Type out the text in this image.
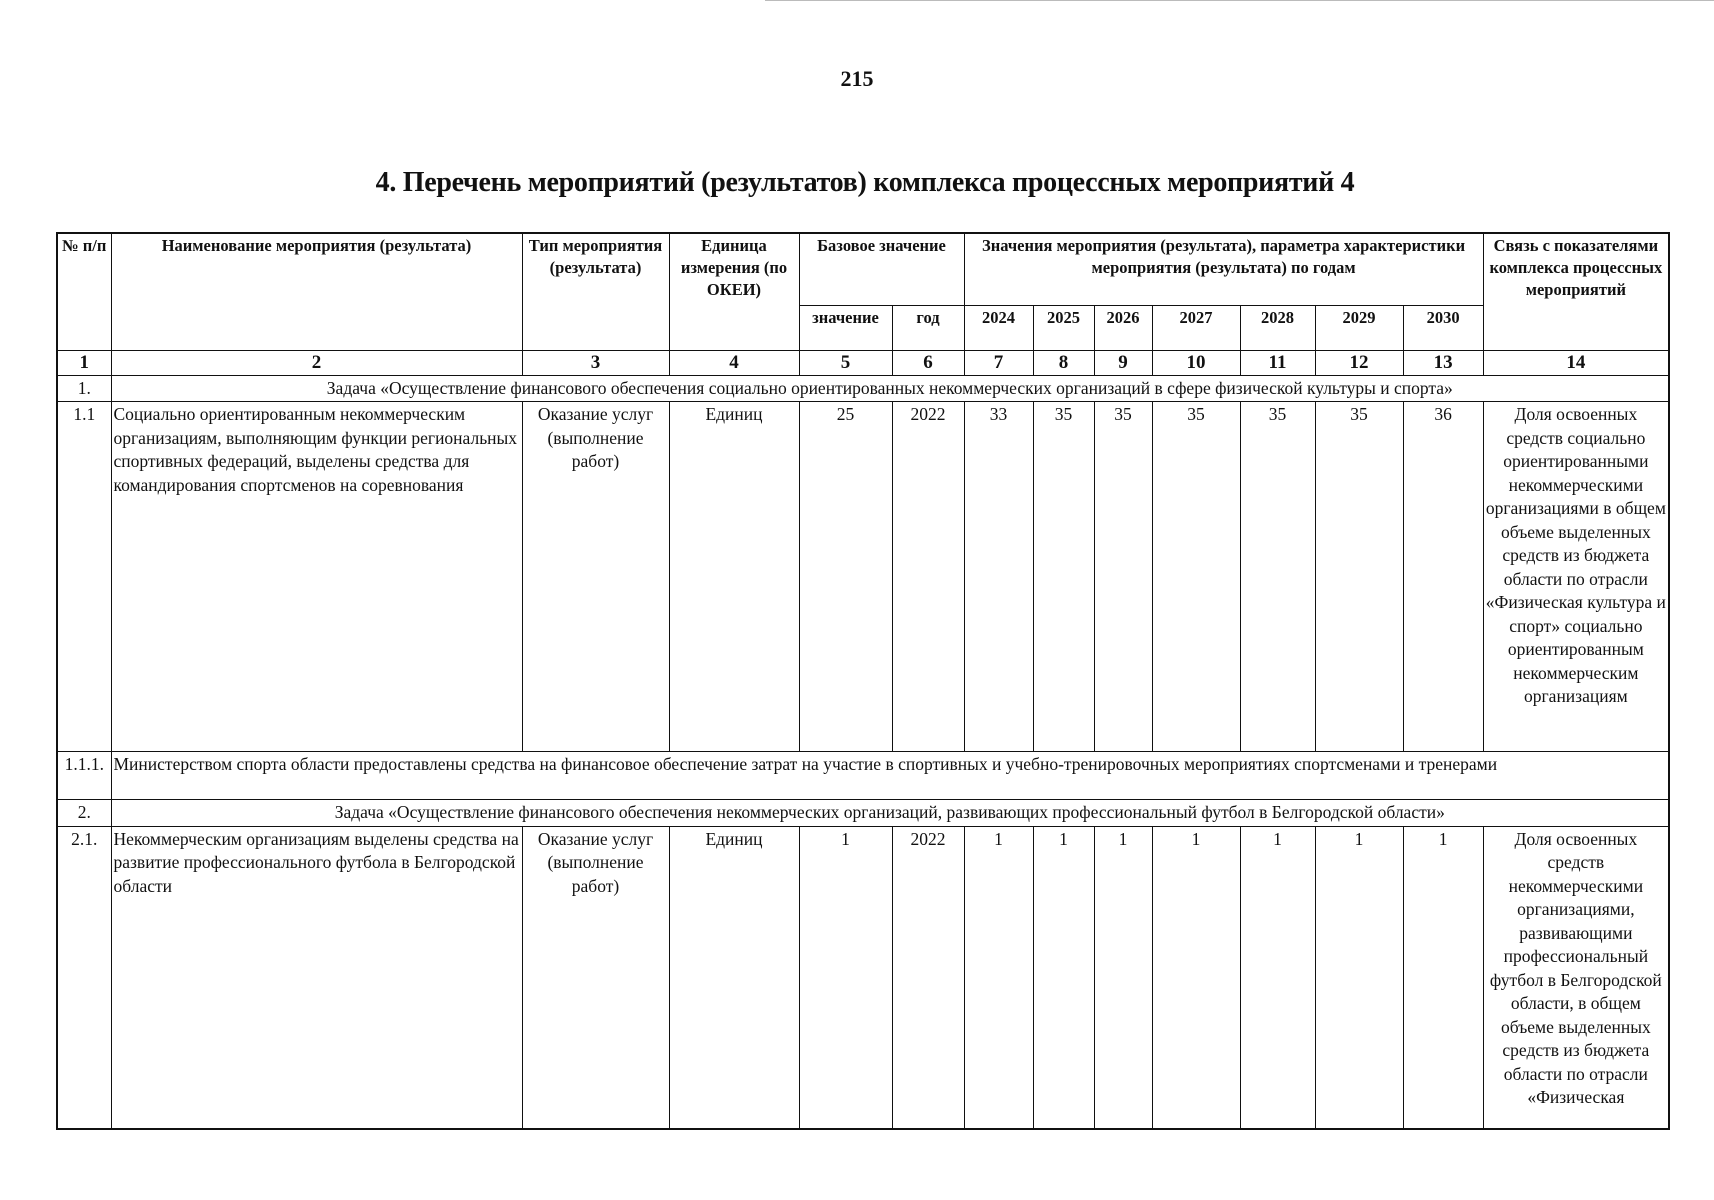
215
4. Перечень мероприятий (результатов) комплекса процессных мероприятий 4
№ п/п	Наименование мероприятия (результата)	Тип мероприятия (результата)	Единица измерения (по ОКЕИ)	Базовое значение		Значения мероприятия (результата), параметра характеристики мероприятия (результата) по годам							Связь с показателями комплекса процессных мероприятий
				значение	год	2024	2025	2026	2027	2028	2029	2030	
1	2	3	4	5	6	7	8	9	10	11	12	13	14
1.	Задача «Осуществление финансового обеспечения социально ориентированных некоммерческих организаций в сфере физической культуры и спорта»												
1.1	Социально ориентированным некоммерческим организациям, выполняющим функции региональных спортивных федераций, выделены средства для командирования спортсменов на соревнования	Оказание услуг (выполнение работ)	Единиц	25	2022	33	35	35	35	35	35	36	Доля освоенных средств социально ориентированными некоммерческими организациями в общем объеме выделенных средств из бюджета области по отрасли «Физическая культура и спорт» социально ориентированным некоммерческим организациям
1.1.1.	Министерством спорта области предоставлены средства на финансовое обеспечение затрат на участие в спортивных и учебно-тренировочных мероприятиях спортсменами и тренерами												
2.	Задача «Осуществление финансового обеспечения некоммерческих организаций, развивающих профессиональный футбол в Белгородской области»												
2.1.	Некоммерческим организациям выделены средства на развитие профессионального футбола в Белгородской области	Оказание услуг (выполнение работ)	Единиц	1	2022	1	1	1	1	1	1	1	Доля освоенных средств некоммерческими организациями, развивающими профессиональный футбол в Белгородской области, в общем объеме выделенных средств из бюджета области по отрасли «Физическая
